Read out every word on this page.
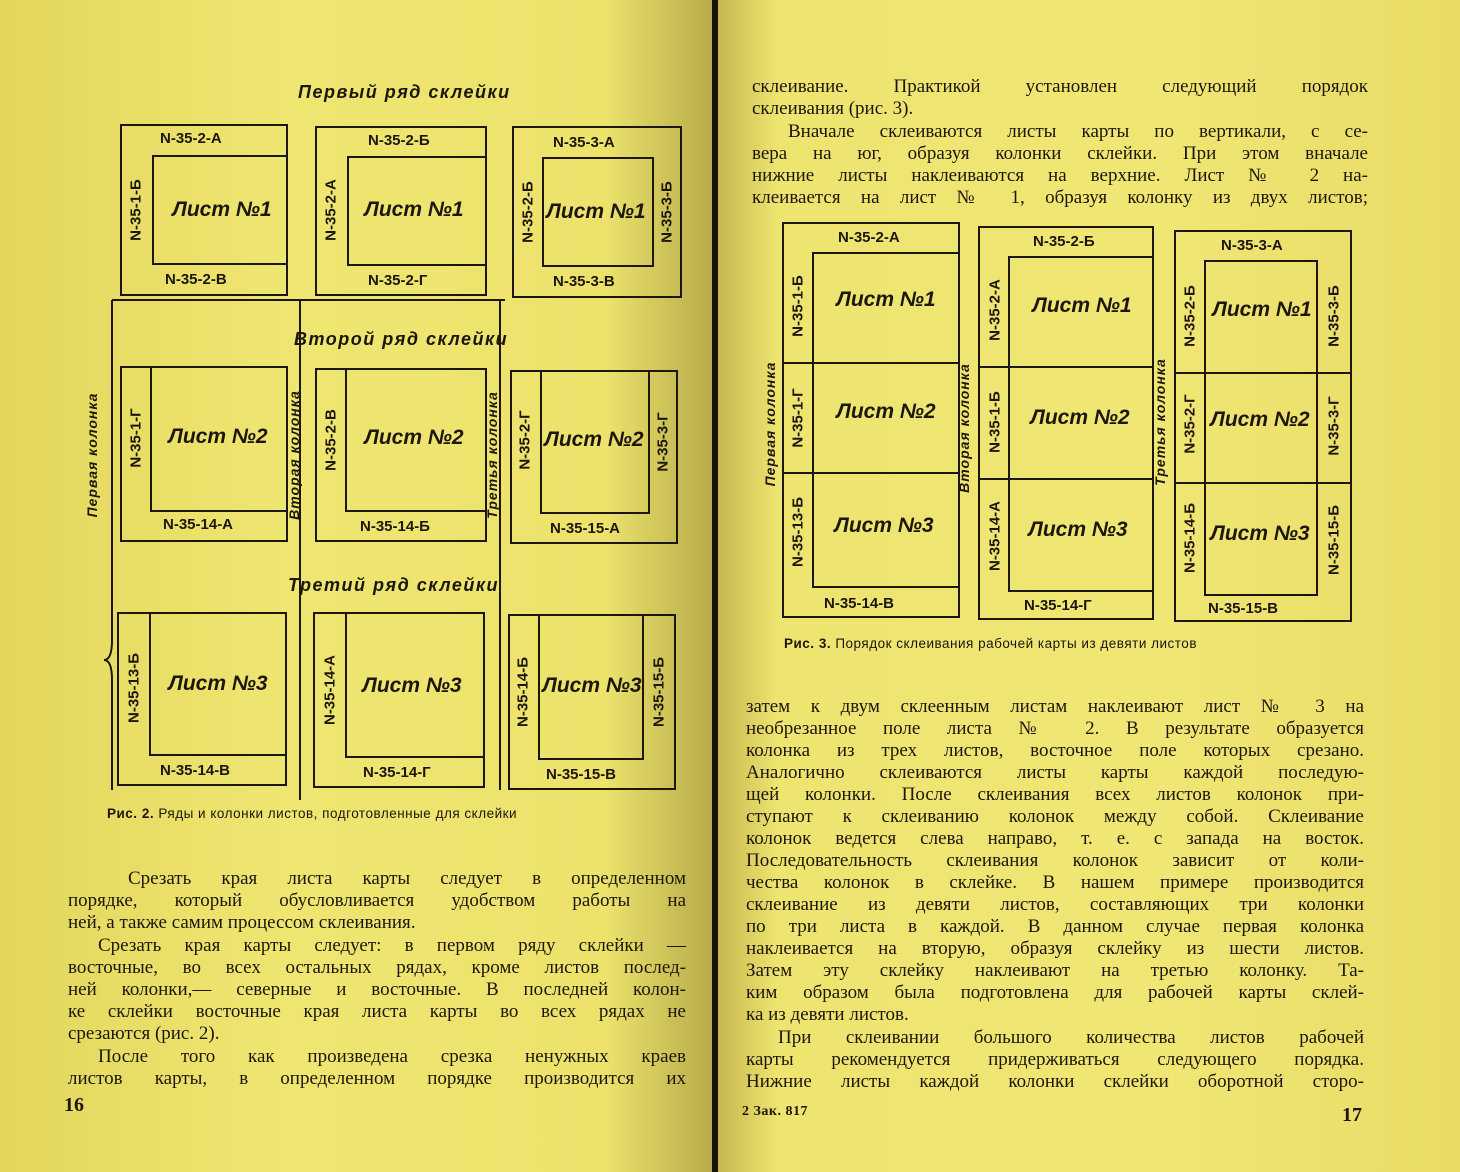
Первый ряд склейки
Второй ряд склейки
Третий ряд склейки
Первая колонка	Вторая колонка	Третья колонка
N-35-2-А
N-35-2-В
N-35-1-Б Лист №1
N-35-2-Б
N-35-2-Г
N-35-2-А Лист №1
N-35-3-А
N-35-3-В
N-35-2-Б	N-35-3-Б
Лист №1
N-35-14-А
N-35-1-Г Лист №2
N-35-14-Б
N-35-2-В Лист №2
N-35-15-А
N-35-2-Г	N-35-3-Г
Лист №2
N-35-14-В
N-35-13-Б Лист №3
N-35-14-Г
N-35-14-А Лист №3
N-35-15-В
N-35-14-Б	N-35-15-Б
Лист №3
Рис. 2. Ряды и колонки листов, подготовленные для склейки
Срезать края листа карты следует в определенном
порядке, который обусловливается удобством работы на
ней, а также самим процессом склеивания.
Срезать края карты следует: в первом ряду склейки —
восточные, во всех остальных рядах, кроме листов послед-
ней колонки,— северные и восточные. В последней колон-
ке склейки восточные края листа карты во всех рядах не
срезаются (рис. 2).
После того как произведена срезка ненужных краев
листов карты, в определенном порядке производится их
16
склеивание. Практикой установлен следующий порядок
склеивания (рис. 3).
Вначале склеиваются листы карты по вертикали, с се-
вера на юг, образуя колонки склейки. При этом вначале
нижние листы наклеиваются на верхние. Лист № 2 на-
клеивается на лист № 1, образуя колонку из двух листов;
Первая колонка	Вторая колонка	Третья колонка
N-35-2-А
N-35-14-В
N-35-1-Б
N-35-1-Г
N-35-13-Б
Лист №1
Лист №2
Лист №3
N-35-2-Б
N-35-14-Г
N-35-2-А
N-35-1-Б
N-35-14-А
Лист №1
Лист №2
Лист №3
N-35-3-А
N-35-15-В
N-35-2-Б
N-35-2-Г
N-35-14-Б
N-35-3-Б
N-35-3-Г
N-35-15-Б
Лист №1
Лист №2
Лист №3
Рис. 3. Порядок склеивания рабочей карты из девяти листов
затем к двум склеенным листам наклеивают лист № 3 на
необрезанное поле листа № 2. В результате образуется
колонка из трех листов, восточное поле которых срезано.
Аналогично склеиваются листы карты каждой последую-
щей колонки. После склеивания всех листов колонок при-
ступают к склеиванию колонок между собой. Склеивание
колонок ведется слева направо, т. е. с запада на восток.
Последовательность склеивания колонок зависит от коли-
чества колонок в склейке. В нашем примере производится
склеивание из девяти листов, составляющих три колонки
по три листа в каждой. В данном случае первая колонка
наклеивается на вторую, образуя склейку из шести листов.
Затем эту склейку наклеивают на третью колонку. Та-
ким образом была подготовлена для рабочей карты склей-
ка из девяти листов.
При склеивании большого количества листов рабочей
карты рекомендуется придерживаться следующего порядка.
Нижние листы каждой колонки склейки оборотной сторо-
2 Зак. 817	17
